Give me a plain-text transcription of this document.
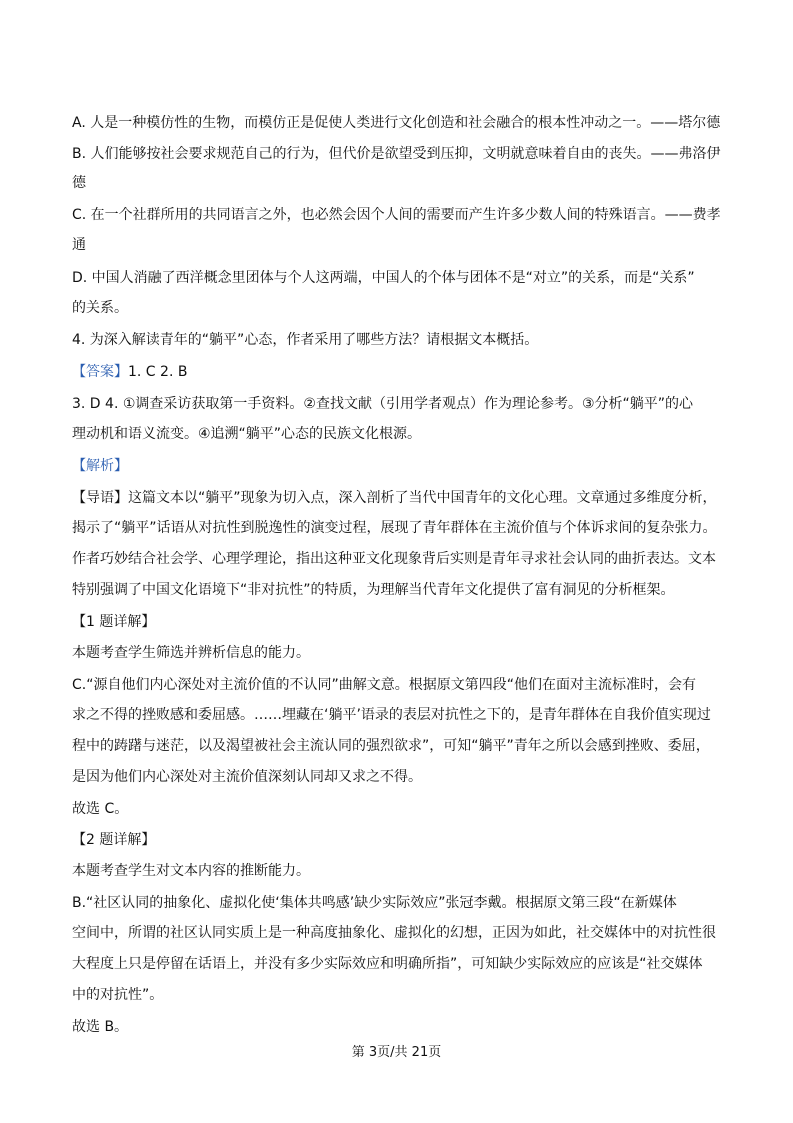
A. 人是一种模仿性的生物，而模仿正是促使人类进行文化创造和社会融合的根本性冲动之一。——塔尔德
B. 人们能够按社会要求规范自己的行为，但代价是欲望受到压抑，文明就意味着自由的丧失。——弗洛伊
德
C. 在一个社群所用的共同语言之外，也必然会因个人间的需要而产生许多少数人间的特殊语言。——费孝
通
D. 中国人消融了西洋概念里团体与个人这两端，中国人的个体与团体不是“对立”的关系，而是“关系”
的关系。
4. 为深入解读青年的“躺平”心态，作者采用了哪些方法？请根据文本概括。
【答案】1. C 2. B
3. D 4. ①调查采访获取第一手资料。②查找文献（引用学者观点）作为理论参考。③分析“躺平”的心
理动机和语义流变。④追溯“躺平”心态的民族文化根源。
【解析】
【导语】这篇文本以“躺平”现象为切入点，深入剖析了当代中国青年的文化心理。文章通过多维度分析，
揭示了“躺平”话语从对抗性到脱逸性的演变过程，展现了青年群体在主流价值与个体诉求间的复杂张力。
作者巧妙结合社会学、心理学理论，指出这种亚文化现象背后实则是青年寻求社会认同的曲折表达。文本
特别强调了中国文化语境下“非对抗性”的特质，为理解当代青年文化提供了富有洞见的分析框架。
【1 题详解】
本题考查学生筛选并辨析信息的能力。
C.“源自他们内心深处对主流价值的不认同”曲解文意。根据原文第四段“他们在面对主流标准时，会有
求之不得的挫败感和委屈感。……埋藏在‘躺平’语录的表层对抗性之下的，是青年群体在自我价值实现过
程中的踌躇与迷茫，以及渴望被社会主流认同的强烈欲求”，可知“躺平”青年之所以会感到挫败、委屈，
是因为他们内心深处对主流价值深刻认同却又求之不得。
故选 C。
【2 题详解】
本题考查学生对文本内容的推断能力。
B.“社区认同的抽象化、虚拟化使‘集体共鸣感’缺少实际效应”张冠李戴。根据原文第三段“在新媒体
空间中，所谓的社区认同实质上是一种高度抽象化、虚拟化的幻想，正因为如此，社交媒体中的对抗性很
大程度上只是停留在话语上，并没有多少实际效应和明确所指”，可知缺少实际效应的应该是“社交媒体
中的对抗性”。
故选 B。
第 3页/共 21页
